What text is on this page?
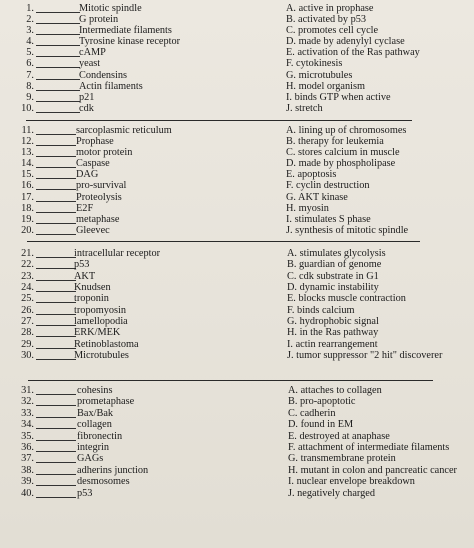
1.	Mitotic spindle	A. active in prophase
2.	G protein	B. activated by p53
3.	Intermediate filaments	C. promotes cell cycle
4.	Tyrosine kinase receptor	D. made by adenylyl cyclase
5.	cAMP	E. activation of the Ras pathway
6.	yeast	F. cytokinesis
7.	Condensins	G. microtubules
8.	Actin filaments	H. model organism
9.	p21	I. binds GTP when active
10.	cdk	J. stretch
11.	sarcoplasmic reticulum	A. lining up of chromosomes
12.	Prophase	B. therapy for leukemia
13.	motor protein	C. stores calcium in muscle
14.	Caspase	D. made by phospholipase
15.	DAG	E. apoptosis
16.	pro-survival	F. cyclin destruction
17.	Proteolysis	G. AKT kinase
18.	E2F	H. myosin
19.	metaphase	I. stimulates S phase
20.	Gleevec	J. synthesis of mitotic spindle
21.	intracellular receptor	A. stimulates glycolysis
22.	p53	B. guardian of genome
23.	AKT	C. cdk substrate in G1
24.	Knudsen	D. dynamic instability
25.	troponin	E. blocks muscle contraction
26.	tropomyosin	F. binds calcium
27.	lamellopodia	G. hydrophobic signal
28.	ERK/MEK	H. in the Ras pathway
29.	Retinoblastoma	I. actin rearrangement
30.	Microtubules	J. tumor suppressor "2 hit" discoverer
31.	cohesins	A. attaches to collagen
32.	prometaphase	B. pro-apoptotic
33.	Bax/Bak	C. cadherin
34.	collagen	D. found in EM
35.	fibronectin	E. destroyed at anaphase
36.	integrin	F. attachment of intermediate filaments
37.	GAGs	G. transmembrane protein
38.	adherins junction	H. mutant in colon and pancreatic cancer
39.	desmosomes	I. nuclear envelope breakdown
40.	p53	J. negatively charged
